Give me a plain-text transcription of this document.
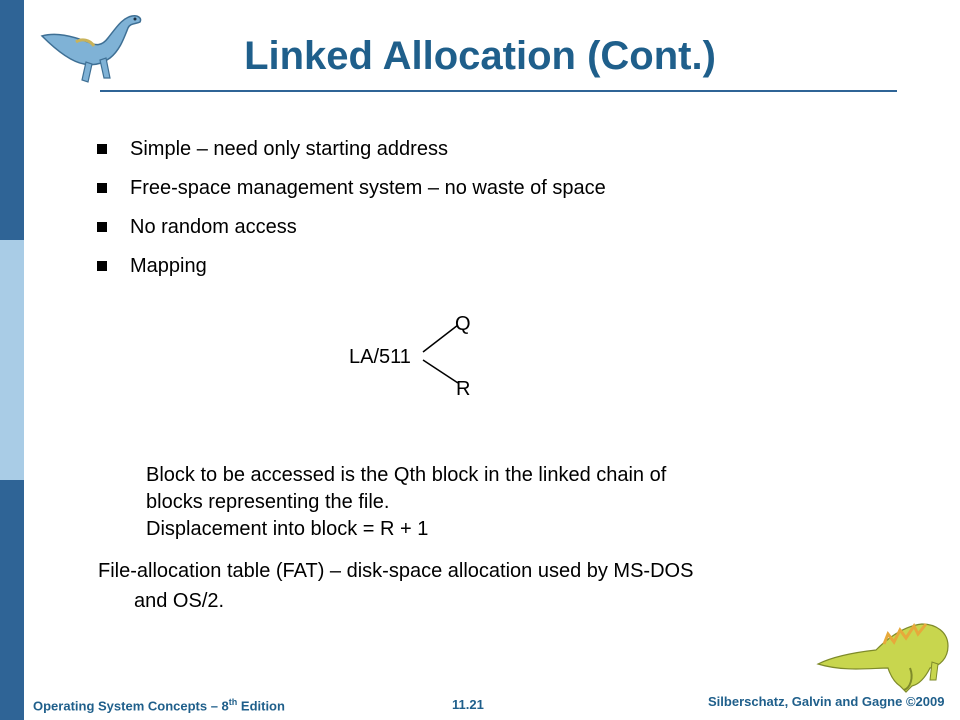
Linked Allocation (Cont.)
Simple – need only starting address
Free-space management system – no waste of space
No random access
Mapping
Q
LA/511
R
Block to be accessed is the Qth block in the linked chain of
blocks representing the file.
Displacement into block = R + 1
File-allocation table (FAT) – disk-space allocation used by MS-DOS
and OS/2.
Operating System Concepts – 8th Edition	11.21	Silberschatz, Galvin and Gagne ©2009
